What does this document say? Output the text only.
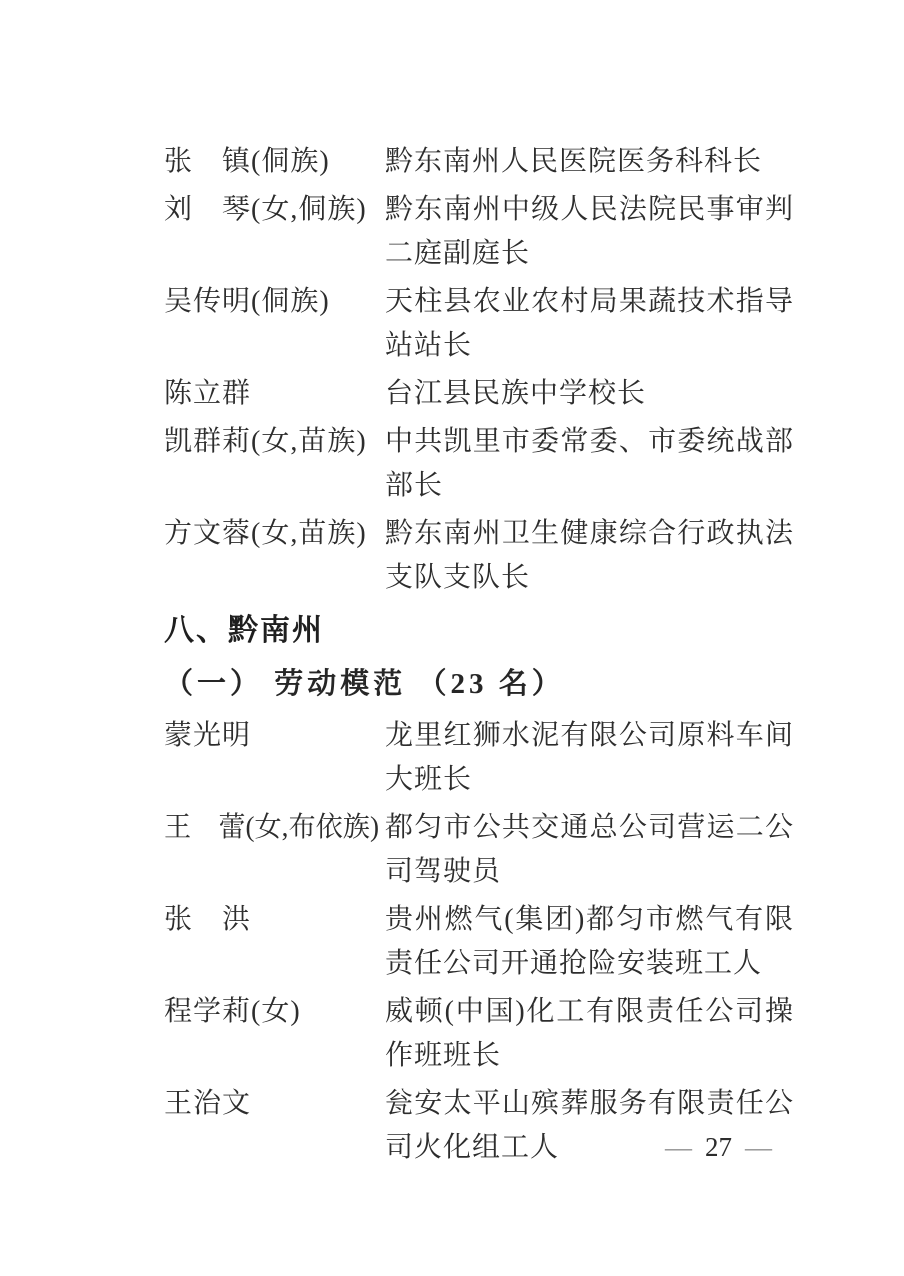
张　镇(侗族)	黔东南州人民医院医务科科长
刘　琴(女,侗族) 黔东南州中级人民法院民事审判二庭副庭长
吴传明(侗族)	天柱县农业农村局果蔬技术指导站站长
陈立群	台江县民族中学校长
凯群莉(女,苗族) 中共凯里市委常委、市委统战部部长
方文蓉(女,苗族) 黔东南州卫生健康综合行政执法支队支队长
八、黔南州
（一） 劳动模范 （23 名）
蒙光明	龙里红狮水泥有限公司原料车间大班长
王　蕾(女,布依族) 都匀市公共交通总公司营运二公司驾驶员
张　洪	贵州燃气(集团)都匀市燃气有限责任公司开通抢险安装班工人
程学莉(女)	威顿(中国)化工有限责任公司操作班班长
王治文	瓮安太平山殡葬服务有限责任公司火化组工人	— 27 —
